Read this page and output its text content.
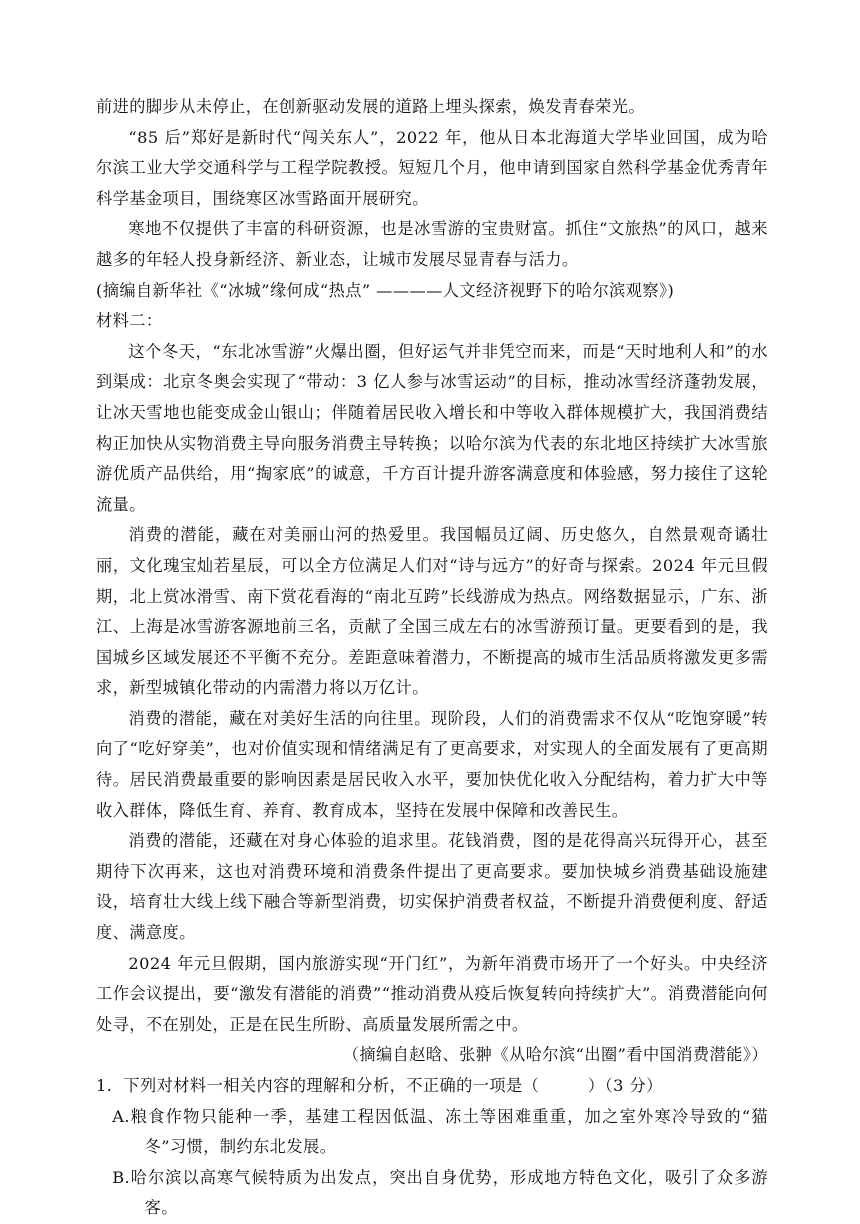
前进的脚步从未停止，在创新驱动发展的道路上埋头探索，焕发青春荣光。

“85 后”郑好是新时代“闯关东人”，2022 年，他从日本北海道大学毕业回国，成为哈尔滨工业大学交通科学与工程学院教授。短短几个月，他申请到国家自然科学基金优秀青年科学基金项目，围绕寒区冰雪路面开展研究。

寒地不仅提供了丰富的科研资源，也是冰雪游的宝贵财富。抓住“文旅热”的风口，越来越多的年轻人投身新经济、新业态，让城市发展尽显青春与活力。

(摘编自新华社《“冰城”缘何成“热点” ————人文经济视野下的哈尔滨观察》)

材料二：

这个冬天，“东北冰雪游”火爆出圈，但好运气并非凭空而来，而是“天时地利人和”的水到渠成：北京冬奥会实现了“带动：3 亿人参与冰雪运动”的目标，推动冰雪经济蓬勃发展，让冰天雪地也能变成金山银山；伴随着居民收入增长和中等收入群体规模扩大，我国消费结构正加快从实物消费主导向服务消费主导转换；以哈尔滨为代表的东北地区持续扩大冰雪旅游优质产品供给，用“掏家底”的诚意，千方百计提升游客满意度和体验感，努力接住了这轮流量。

消费的潜能，藏在对美丽山河的热爱里。我国幅员辽阔、历史悠久，自然景观奇谲壮丽，文化瑰宝灿若星辰，可以全方位满足人们对“诗与远方”的好奇与探索。2024 年元旦假期，北上赏冰滑雪、南下赏花看海的“南北互跨”长线游成为热点。网络数据显示，广东、浙江、上海是冰雪游客源地前三名，贡献了全国三成左右的冰雪游预订量。更要看到的是，我国城乡区域发展还不平衡不充分。差距意味着潜力，不断提高的城市生活品质将激发更多需求，新型城镇化带动的内需潜力将以万亿计。

消费的潜能，藏在对美好生活的向往里。现阶段，人们的消费需求不仅从“吃饱穿暖”转向了“吃好穿美”，也对价值实现和情绪满足有了更高要求，对实现人的全面发展有了更高期待。居民消费最重要的影响因素是居民收入水平，要加快优化收入分配结构，着力扩大中等收入群体，降低生育、养育、教育成本，坚持在发展中保障和改善民生。

消费的潜能，还藏在对身心体验的追求里。花钱消费，图的是花得高兴玩得开心，甚至期待下次再来，这也对消费环境和消费条件提出了更高要求。要加快城乡消费基础设施建设，培育壮大线上线下融合等新型消费，切实保护消费者权益，不断提升消费便利度、舒适度、满意度。

2024 年元旦假期，国内旅游实现“开门红”，为新年消费市场开了一个好头。中央经济工作会议提出，要“激发有潜能的消费”“推动消费从疫后恢复转向持续扩大”。消费潜能向何处寻，不在别处，正是在民生所盼、高质量发展所需之中。

（摘编自赵晗、张翀《从哈尔滨“出圈”看中国消费潜能》）

1．下列对材料一相关内容的理解和分析，不正确的一项是（	）（3 分）

A.粮食作物只能种一季，基建工程因低温、冻土等困难重重，加之室外寒冷导致的“猫冬”习惯，制约东北发展。

B.哈尔滨以高寒气候特质为出发点，突出自身优势，形成地方特色文化，吸引了众多游客。
